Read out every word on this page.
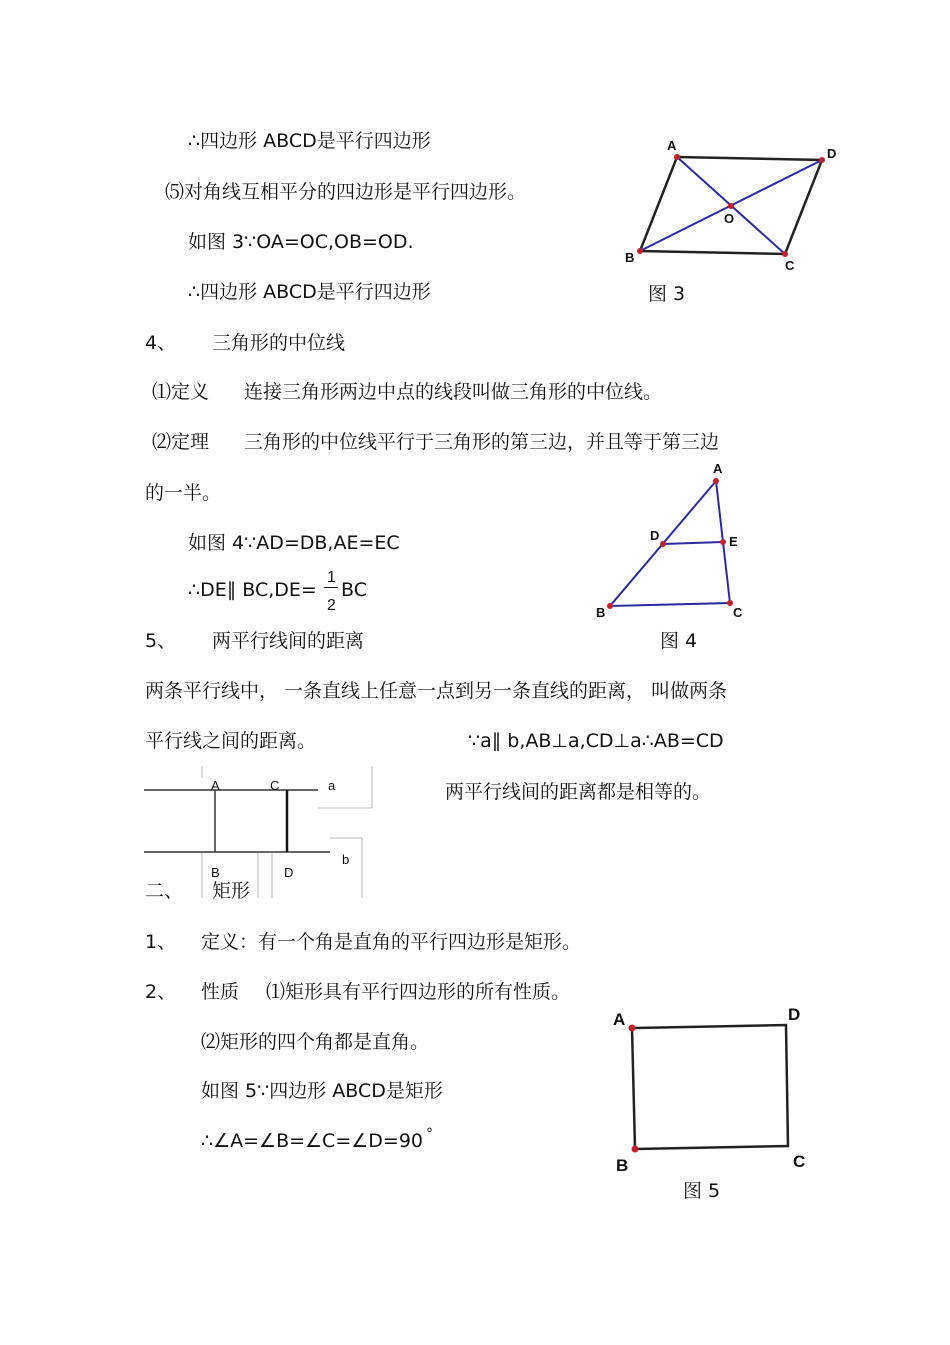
∴四边形 ABCD是平行四边形
⑸对角线互相平分的四边形是平行四边形。
如图 3∵OA=OC,OB=OD.
∴四边形 ABCD是平行四边形
A
D
O
B
C
图 3
4、 三角形的中位线
⑴定义 连接三角形两边中点的线段叫做三角形的中位线。
⑵定理 三角形的中位线平行于三角形的第三边，并且等于第三边
的一半。
如图 4∵AD=DB,AE=EC
∴DE∥ BC,DE=
1
2
BC
A
D	E
B	C
图 4
5、 两平行线间的距离
两条平行线中， 一条直线上任意一点到另一条直线的距离， 叫做两条
平行线之间的距离。	∵a∥ b,AB⊥a,CD⊥a∴AB=CD
两平行线间的距离都是相等的。
A	C	a
B	D
b
二、 矩形
1、 定义：有一个角是直角的平行四边形是矩形。
2、 性质 ⑴矩形具有平行四边形的所有性质。
⑵矩形的四个角都是直角。
如图 5∵四边形 ABCD是矩形
∴∠A=∠B=∠C=∠D=90 °
A	D
B	C
图 5
